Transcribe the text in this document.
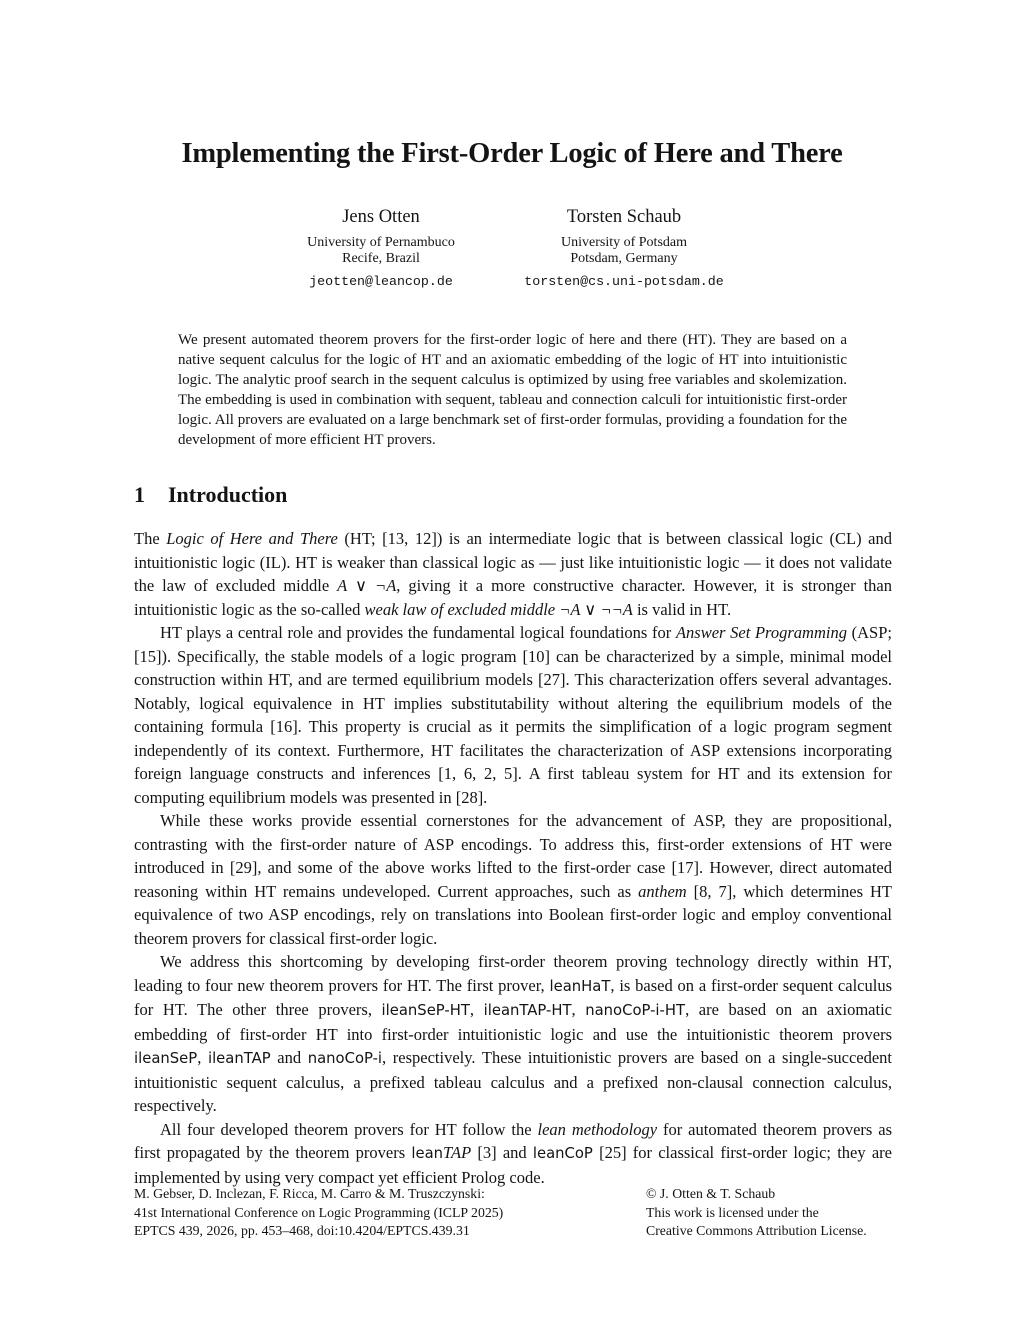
Implementing the First-Order Logic of Here and There
Jens Otten
University of Pernambuco
Recife, Brazil
jeotten@leancop.de
Torsten Schaub
University of Potsdam
Potsdam, Germany
torsten@cs.uni-potsdam.de
We present automated theorem provers for the first-order logic of here and there (HT). They are based on a native sequent calculus for the logic of HT and an axiomatic embedding of the logic of HT into intuitionistic logic. The analytic proof search in the sequent calculus is optimized by using free variables and skolemization. The embedding is used in combination with sequent, tableau and connection calculi for intuitionistic first-order logic. All provers are evaluated on a large benchmark set of first-order formulas, providing a foundation for the development of more efficient HT provers.
1 Introduction

The Logic of Here and There (HT; [13, 12]) is an intermediate logic that is between classical logic (CL) and intuitionistic logic (IL). HT is weaker than classical logic as — just like intuitionistic logic — it does not validate the law of excluded middle A ∨ ¬A, giving it a more constructive character. However, it is stronger than intuitionistic logic as the so-called weak law of excluded middle ¬A ∨ ¬¬A is valid in HT.

HT plays a central role and provides the fundamental logical foundations for Answer Set Programming (ASP; [15]). Specifically, the stable models of a logic program [10] can be characterized by a simple, minimal model construction within HT, and are termed equilibrium models [27]. This characterization offers several advantages. Notably, logical equivalence in HT implies substitutability without altering the equilibrium models of the containing formula [16]. This property is crucial as it permits the simplification of a logic program segment independently of its context. Furthermore, HT facilitates the characterization of ASP extensions incorporating foreign language constructs and inferences [1, 6, 2, 5]. A first tableau system for HT and its extension for computing equilibrium models was presented in [28].

While these works provide essential cornerstones for the advancement of ASP, they are propositional, contrasting with the first-order nature of ASP encodings. To address this, first-order extensions of HT were introduced in [29], and some of the above works lifted to the first-order case [17]. However, direct automated reasoning within HT remains undeveloped. Current approaches, such as anthem [8, 7], which determines HT equivalence of two ASP encodings, rely on translations into Boolean first-order logic and employ conventional theorem provers for classical first-order logic.

We address this shortcoming by developing first-order theorem proving technology directly within HT, leading to four new theorem provers for HT. The first prover, leanHaT, is based on a first-order sequent calculus for HT. The other three provers, ileanSeP-HT, ileanTAP-HT, nanoCoP-i-HT, are based on an axiomatic embedding of first-order HT into first-order intuitionistic logic and use the intuitionistic theorem provers ileanSeP, ileanTAP and nanoCoP-i, respectively. These intuitionistic provers are based on a single-succedent intuitionistic sequent calculus, a prefixed tableau calculus and a prefixed non-clausal connection calculus, respectively.

All four developed theorem provers for HT follow the lean methodology for automated theorem provers as first propagated by the theorem provers leanTAP [3] and leanCoP [25] for classical first-order logic; they are implemented by using very compact yet efficient Prolog code.

M. Gebser, D. Inclezan, F. Ricca, M. Carro & M. Truszczynski:
41st International Conference on Logic Programming (ICLP 2025)
EPTCS 439, 2026, pp. 453–468, doi:10.4204/EPTCS.439.31
© J. Otten & T. Schaub
This work is licensed under the
Creative Commons Attribution License.
